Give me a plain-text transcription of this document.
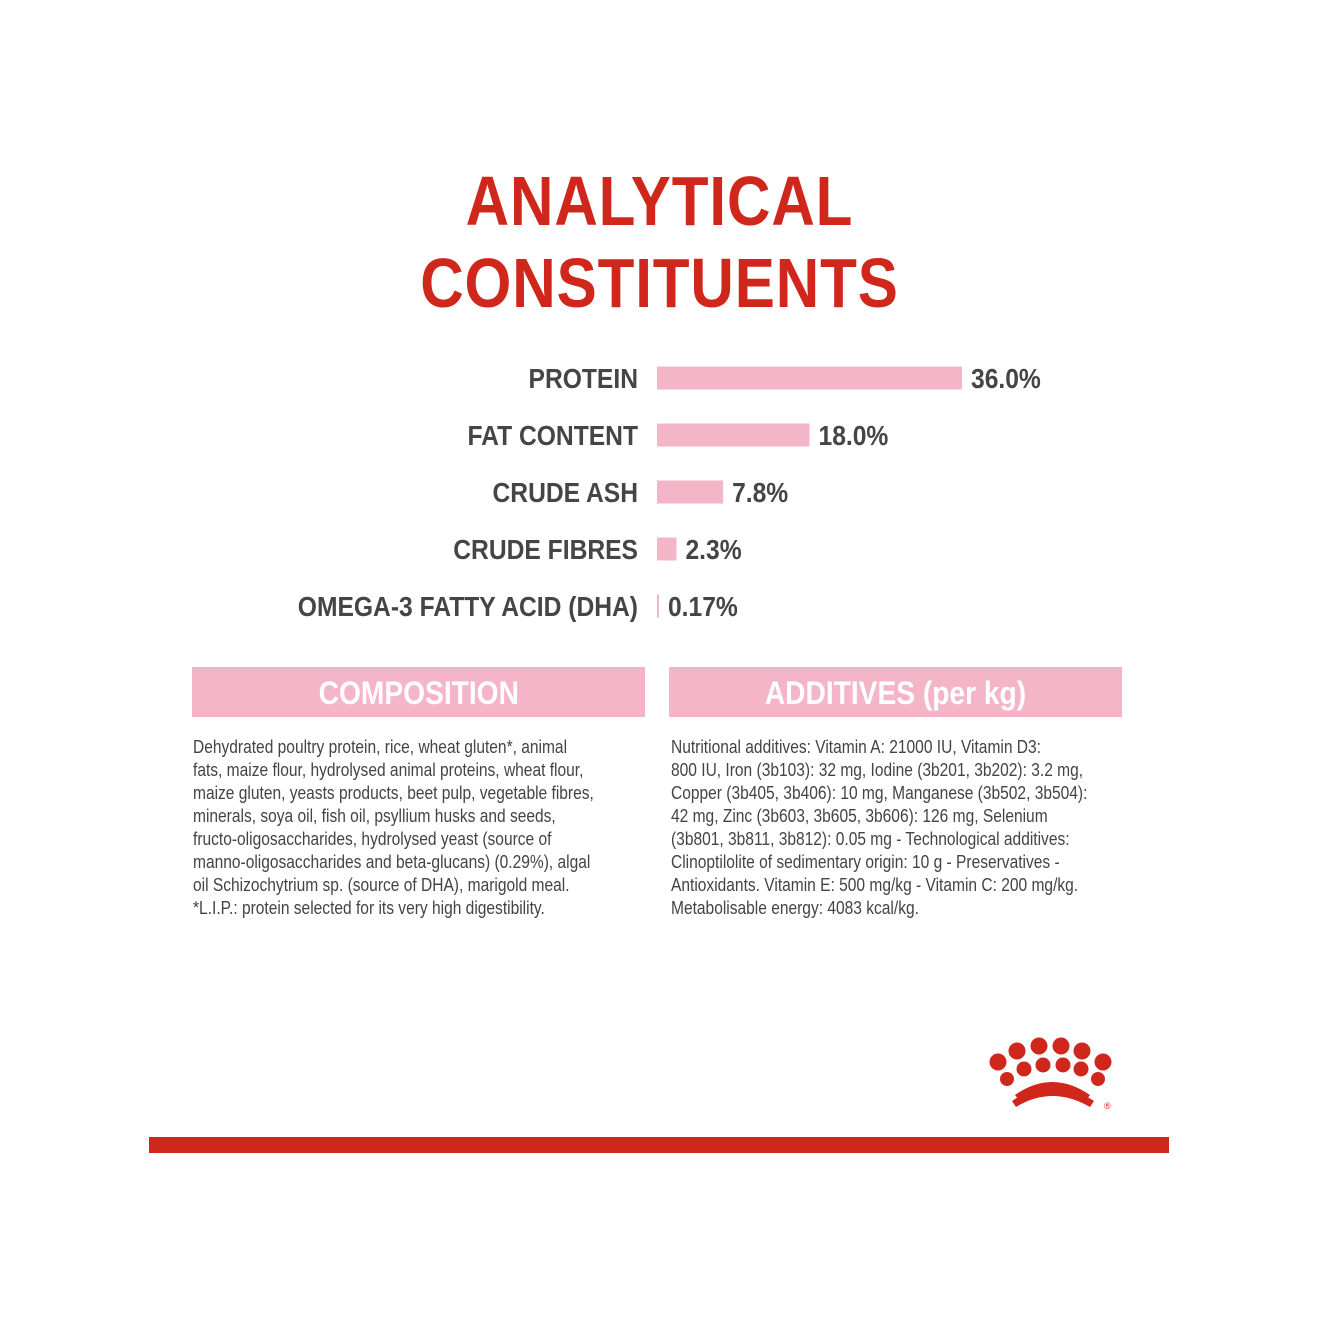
ANALYTICAL
CONSTITUENTS
PROTEIN	36.0%
FAT CONTENT	18.0%
CRUDE ASH	7.8%
CRUDE FIBRES 2.3%
OMEGA-3 FATTY ACID (DHA) 0.17%
COMPOSITION	ADDITIVES (per kg)
Dehydrated poultry protein, rice, wheat gluten*, animal
fats, maize flour, hydrolysed animal proteins, wheat flour,
maize gluten, yeasts products, beet pulp, vegetable fibres,
minerals, soya oil, fish oil, psyllium husks and seeds,
fructo-oligosaccharides, hydrolysed yeast (source of
manno-oligosaccharides and beta-glucans) (0.29%), algal
oil Schizochytrium sp. (source of DHA), marigold meal.
*L.I.P.: protein selected for its very high digestibility.
Nutritional additives: Vitamin A: 21000 IU, Vitamin D3:
800 IU, Iron (3b103): 32 mg, Iodine (3b201, 3b202): 3.2 mg,
Copper (3b405, 3b406): 10 mg, Manganese (3b502, 3b504):
42 mg, Zinc (3b603, 3b605, 3b606): 126 mg, Selenium
(3b801, 3b811, 3b812): 0.05 mg - Technological additives:
Clinoptilolite of sedimentary origin: 10 g - Preservatives -
Antioxidants. Vitamin E: 500 mg/kg - Vitamin C: 200 mg/kg.
Metabolisable energy: 4083 kcal/kg.
®
